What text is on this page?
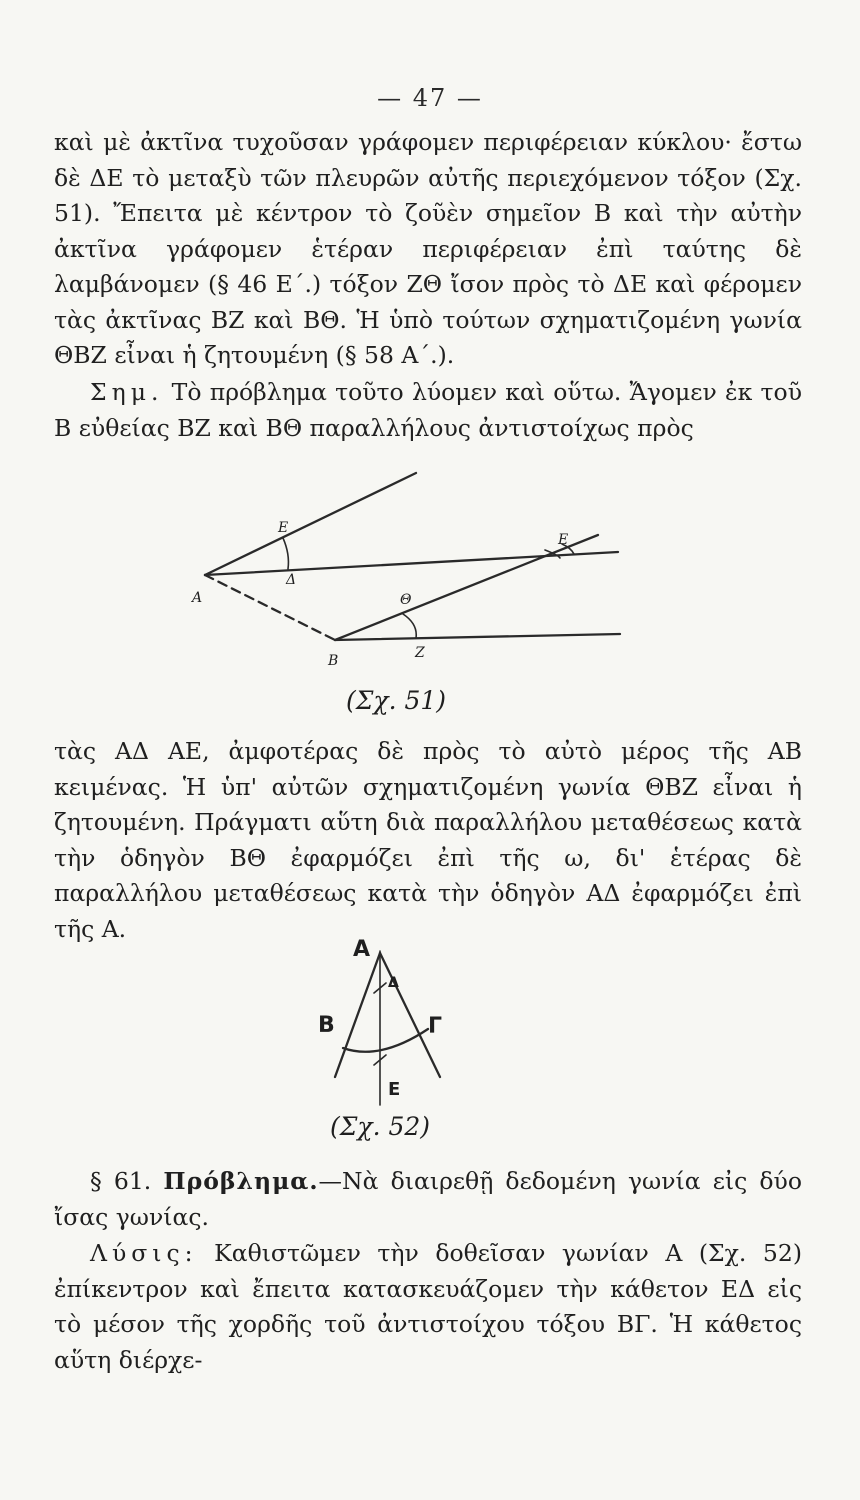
— 47 —

καὶ μὲ ἀκτῖνα τυχοῦσαν γράφομεν περιφέρειαν κύκλου· ἔστω δὲ ΔΕ τὸ μεταξὺ τῶν πλευρῶν αὐτῆς περιεχόμενον τόξον (Σχ. 51). Ἔπειτα μὲ κέντρον τὸ ζοῦὲν σημεῖον Β καὶ τὴν αὐτὴν ἀκτῖνα γράφομεν ἑτέραν περιφέρειαν ἐπὶ ταύτης δὲ λαμβάνομεν (§ 46 Ε΄.) τόξον ΖΘ ἴσον πρὸς τὸ ΔΕ καὶ φέρομεν τὰς ἀκτῖνας ΒΖ καὶ ΒΘ. Ἡ ὑπὸ τούτων σχηματιζομένη γωνία ΘΒΖ εἶναι ἡ ζητουμένη (§ 58 Α΄.).

Σημ. Τὸ πρόβλημα τοῦτο λύομεν καὶ οὕτω. Ἄγομεν ἐκ τοῦ Β εὐθείας ΒΖ καὶ ΒΘ παραλλήλους ἀντιστοίχως πρὸς

A
E
Δ
Θ
Z
B
E
(Σχ. 51)

τὰς ΑΔ ΑΕ, ἀμφοτέρας δὲ πρὸς τὸ αὐτὸ μέρος τῆς ΑΒ κειμένας. Ἡ ὑπ' αὐτῶν σχηματιζομένη γωνία ΘΒΖ εἶναι ἡ ζητουμένη. Πράγματι αὕτη διὰ παραλλήλου μεταθέσεως κατὰ τὴν ὁδηγὸν ΒΘ ἐφαρμόζει ἐπὶ τῆς ω, δι' ἑτέρας δὲ παραλλήλου μεταθέσεως κατὰ τὴν ὁδηγὸν ΑΔ ἐφαρμόζει ἐπὶ τῆς Α.

A
Δ
Β	Γ
Ε
(Σχ. 52)

§ 61. Πρόβλημα.—Νὰ διαιρεθῇ δεδομένη γωνία εἰς δύο ἴσας γωνίας.

Λύσις: Καθιστῶμεν τὴν δοθεῖσαν γωνίαν Α (Σχ. 52) ἐπίκεντρον καὶ ἔπειτα κατασκευάζομεν τὴν κάθετον ΕΔ εἰς τὸ μέσον τῆς χορδῆς τοῦ ἀντιστοίχου τόξου ΒΓ. Ἡ κάθετος αὕτη διέρχε-
